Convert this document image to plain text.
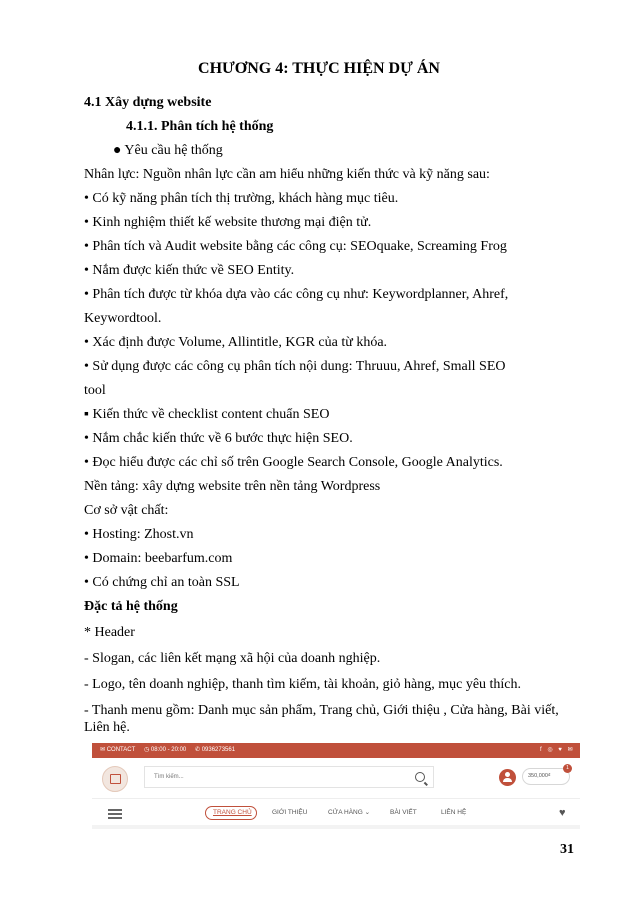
CHƯƠNG 4: THỰC HIỆN DỰ ÁN
4.1 Xây dựng website
4.1.1. Phân tích hệ thống
● Yêu cầu hệ thống
Nhân lực: Nguồn nhân lực cần am hiểu những kiến thức và kỹ năng sau:
• Có kỹ năng phân tích thị trường, khách hàng mục tiêu.
• Kinh nghiệm thiết kế website thương mại điện tử.
• Phân tích và Audit website bằng các công cụ: SEOquake, Screaming Frog
• Nắm được kiến thức về SEO Entity.
• Phân tích được từ khóa dựa vào các công cụ như: Keywordplanner, Ahref,
Keywordtool.
• Xác định được Volume, Allintitle, KGR của từ khóa.
• Sử dụng được các công cụ phân tích nội dung: Thruuu, Ahref, Small SEO
tool
▪ Kiến thức về checklist content chuẩn SEO
• Nắm chắc kiến thức về 6 bước thực hiện SEO.
• Đọc hiểu được các chỉ số trên Google Search Console, Google Analytics.
Nền tảng: xây dựng website trên nền tảng Wordpress
Cơ sở vật chất:
• Hosting: Zhost.vn
• Domain: beebarfum.com
• Có chứng chỉ an toàn SSL
Đặc tả hệ thống
* Header
- Slogan, các liên kết mạng xã hội của doanh nghiệp.
- Logo, tên doanh nghiệp, thanh tìm kiếm, tài khoản, giỏ hàng, mục yêu thích.
- Thanh menu gồm: Danh mục sản phẩm, Trang chủ, Giới thiệu , Cửa hàng, Bài viết,
Liên hệ.
✉ CONTACT ◷ 08:00 - 20:00 ✆ 0936273561	f ◎ ♥ ✉
Tìm kiếm...	350,000₫
1
TRANG CHỦ	GIỚI THIỆU	CỬA HÀNG ⌄	BÀI VIẾT	LIÊN HỆ	♥
31
